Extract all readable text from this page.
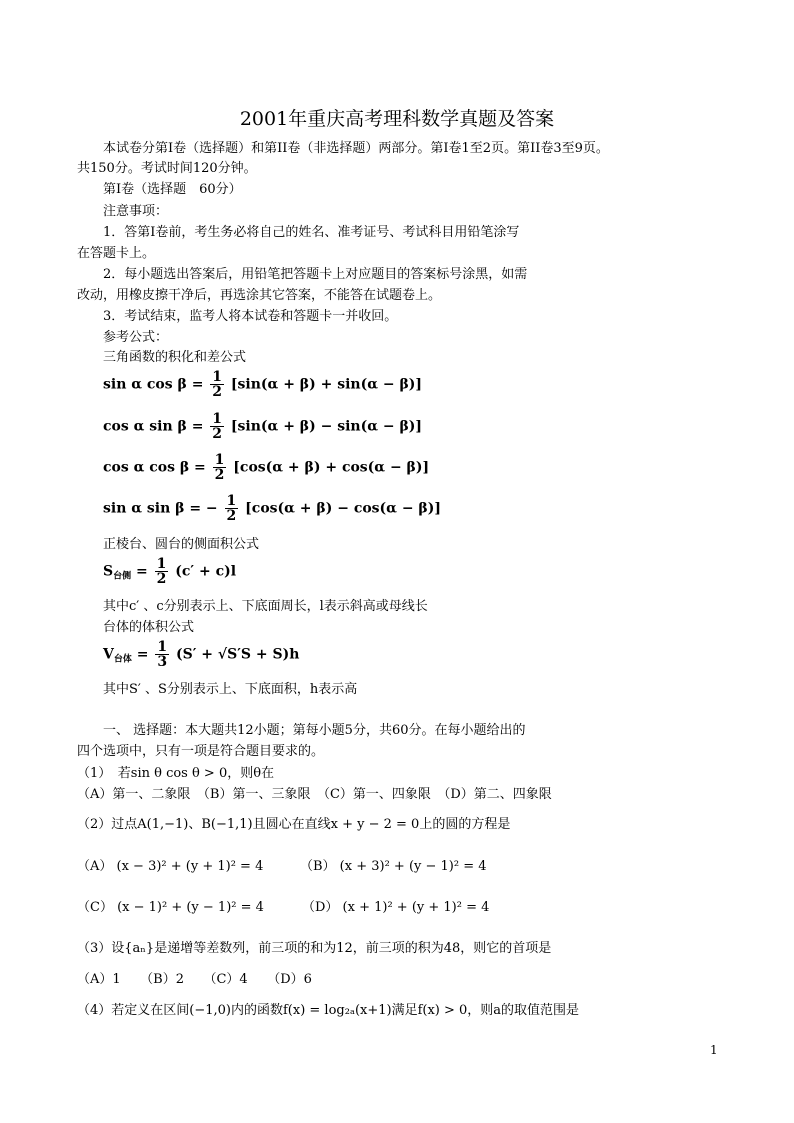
2001年重庆高考理科数学真题及答案
本试卷分第I卷（选择题）和第II卷（非选择题）两部分。第I卷1至2页。第II卷3至9页。
共150分。考试时间120分钟。
第I卷（选择题　60分）
注意事项：
1．答第I卷前，考生务必将自己的姓名、准考证号、考试科目用铅笔涂写
在答题卡上。
2．每小题选出答案后，用铅笔把答题卡上对应题目的答案标号涂黑，如需
改动，用橡皮擦干净后，再选涂其它答案，不能答在试题卷上。
3．考试结束，监考人将本试卷和答题卡一并收回。
参考公式：
三角函数的积化和差公式
sin α $\cos \beta = \frac{1}{2} [\sin(\alpha + \beta) + \sin(\alpha - \beta)]$
cos α $\sin \beta = \frac{1}{2} [\sin(\alpha + \beta) - \sin(\alpha - \beta)]$
cos α $\cos \beta = \frac{1}{2} [\cos(\alpha + \beta) + \cos(\alpha - \beta)]$
sin α sin β = − $\frac{1}{2} [\cos(\alpha + \beta) - \cos(\alpha - \beta)]$
正棱台、圆台的侧面积公式
$S_{台侧} = \frac{1}{2} (c' + c)l$
其中c′ 、c分别表示上、下底面周长，l表示斜高或母线长
台体的体积公式
$V_{台体} = \frac{1}{3} (S' + √S'S + S)h$
其中S′ 、S分别表示上、下底面积，h表示高
一、 选择题：本大题共12小题；第每小题5分，共60分。在每小题给出的
四个选项中，只有一项是符合题目要求的。
（1）　若sin θ cos θ > 0，则θ在
（A）第一、二象限　（B）第一、三象限　（C）第一、四象限　（D）第二、四象限
（2）过点A(1,−1)、B(−1,1)且圆心在直线x + y − 2 = 0上的圆的方程是
（A） (x − 3)² + (y + 1)² = 4	（B） (x + 3)² + (y − 1)² = 4
（C） (x − 1)² + (y − 1)² = 4	（D） (x + 1)² + (y + 1)² = 4
（3）设{aₙ}是递增等差数列，前三项的和为12，前三项的积为48，则它的首项是
（A）1　　（B）2　　（C）4　　（D）6
（4）若定义在区间(−1,0)内的函数f(x) = log₂ₐ(x+1)满足f(x) > 0，则a的取值范围是
1
